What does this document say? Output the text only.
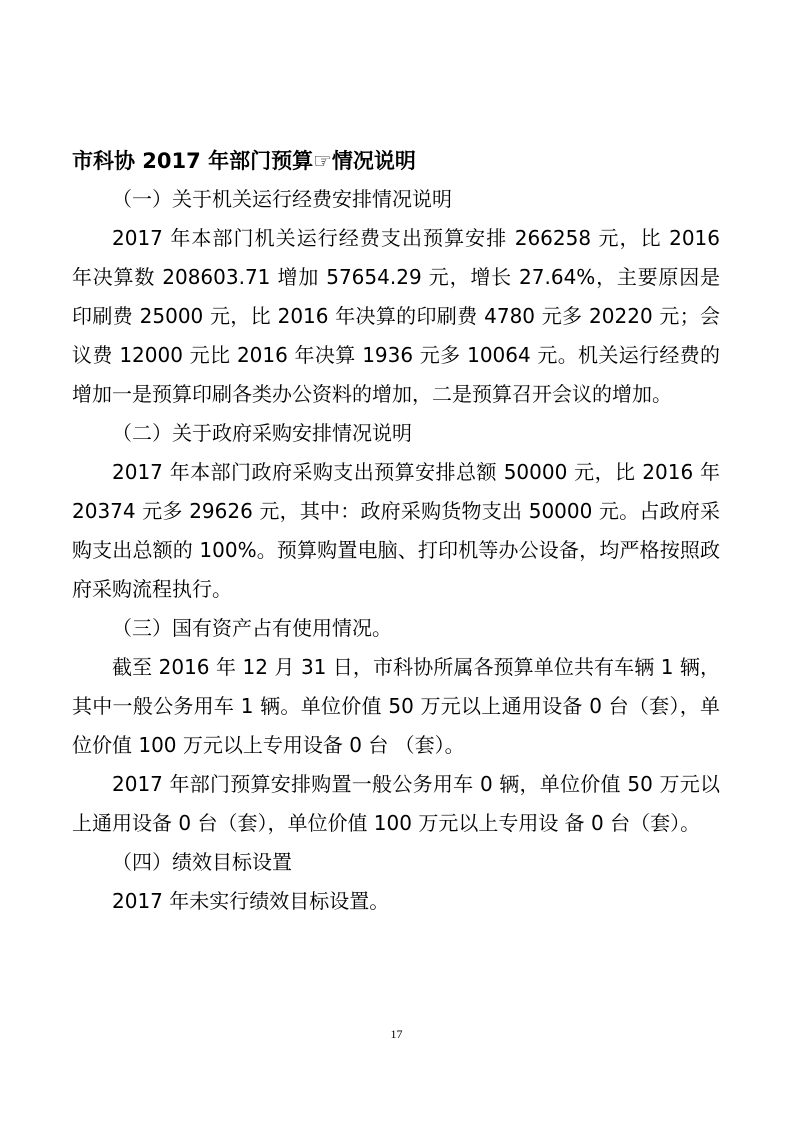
市科协 2017 年部门预算☞情况说明

（一）关于机关运行经费安排情况说明

2017 年本部门机关运行经费支出预算安排 266258 元，比 2016 年决算数 208603.71 增加 57654.29 元，增长 27.64%，主要原因是印刷费 25000 元，比 2016 年决算的印刷费 4780 元多 20220 元；会议费 12000 元比 2016 年决算 1936 元多 10064 元。机关运行经费的增加一是预算印刷各类办公资料的增加，二是预算召开会议的增加。

（二）关于政府采购安排情况说明

2017 年本部门政府采购支出预算安排总额 50000 元，比 2016 年 20374 元多 29626 元，其中：政府采购货物支出 50000 元。占政府采购支出总额的 100%。预算购置电脑、打印机等办公设备，均严格按照政府采购流程执行。

（三）国有资产占有使用情况。

截至 2016 年 12 月 31 日，市科协所属各预算单位共有车辆 1 辆，其中一般公务用车 1 辆。单位价值 50 万元以上通用设备 0 台（套），单位价值 100 万元以上专用设备 0 台 （套）。

2017 年部门预算安排购置一般公务用车 0 辆，单位价值 50 万元以上通用设备 0 台（套），单位价值 100 万元以上专用设 备 0 台（套）。

（四）绩效目标设置

2017 年未实行绩效目标设置。

17
